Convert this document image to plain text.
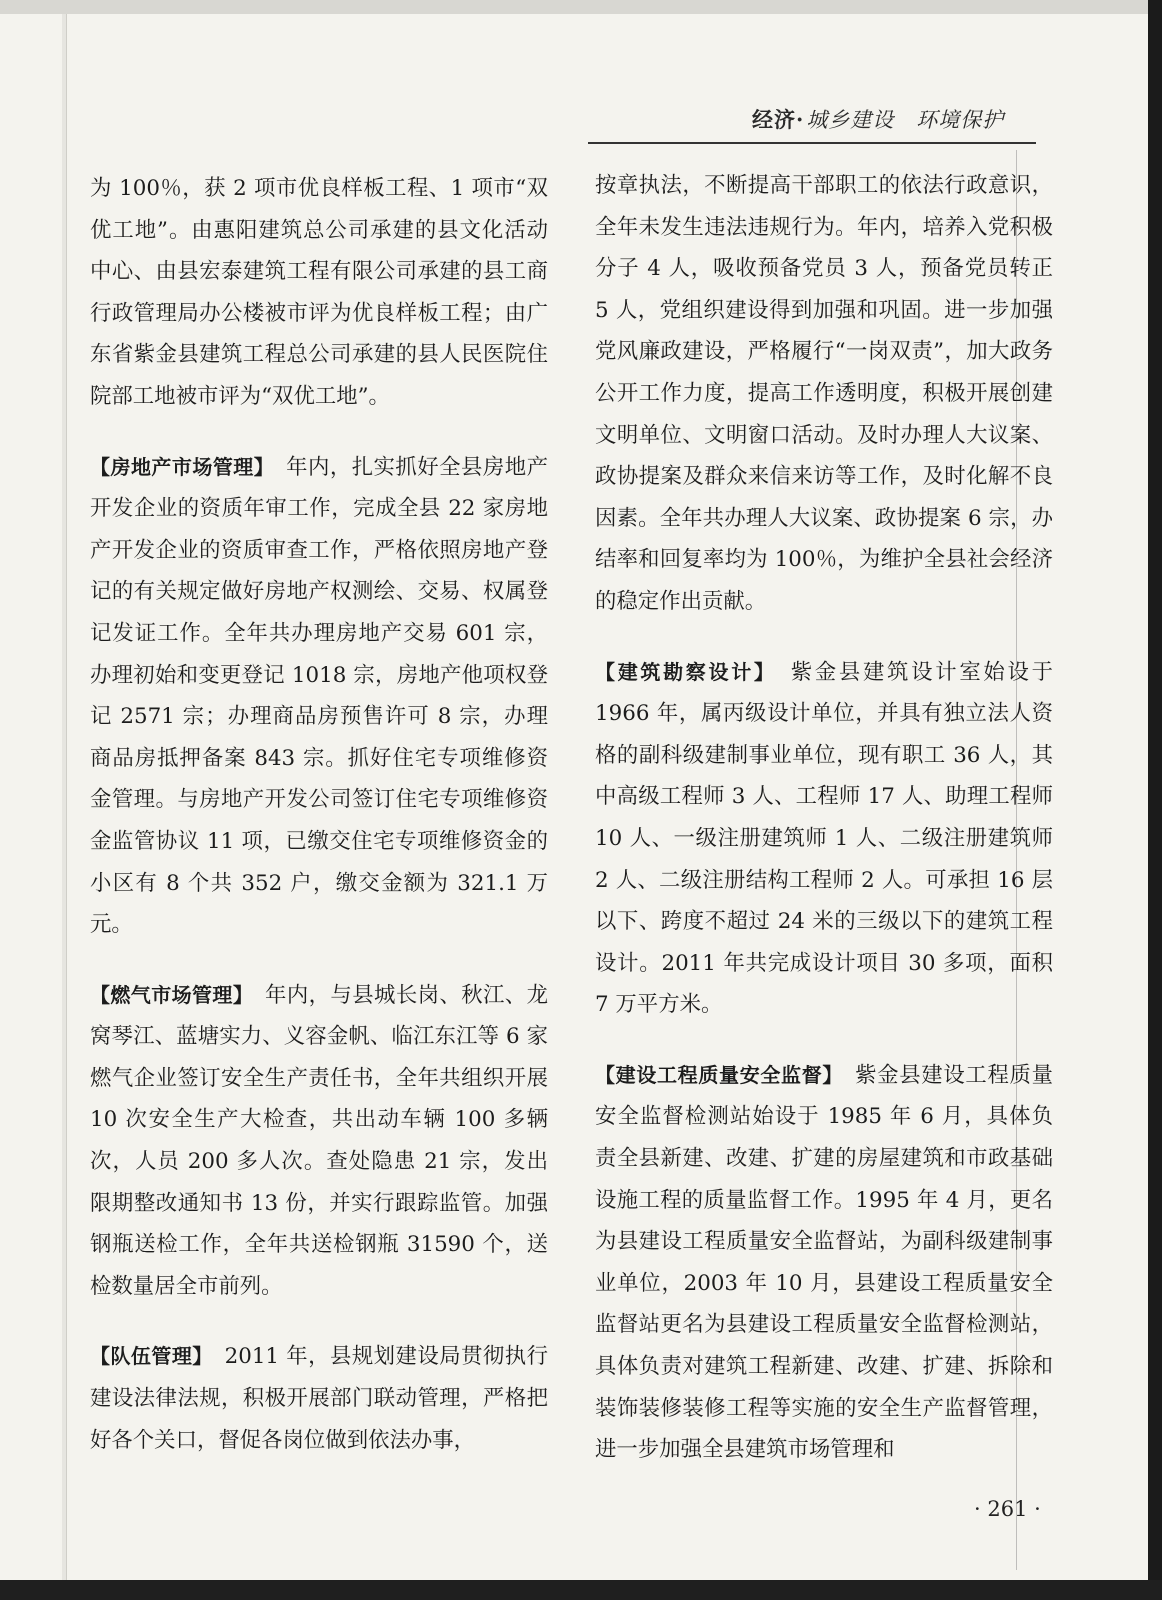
经济·城乡建设　环境保护

为 100％，获 2 项市优良样板工程、1 项市“双优工地”。由惠阳建筑总公司承建的县文化活动中心、由县宏泰建筑工程有限公司承建的县工商行政管理局办公楼被市评为优良样板工程；由广东省紫金县建筑工程总公司承建的县人民医院住院部工地被市评为“双优工地”。

【房地产市场管理】　年内，扎实抓好全县房地产开发企业的资质年审工作，完成全县 22 家房地产开发企业的资质审查工作，严格依照房地产登记的有关规定做好房地产权测绘、交易、权属登记发证工作。全年共办理房地产交易 601 宗，办理初始和变更登记 1018 宗，房地产他项权登记 2571 宗；办理商品房预售许可 8 宗，办理商品房抵押备案 843 宗。抓好住宅专项维修资金管理。与房地产开发公司签订住宅专项维修资金监管协议 11 项，已缴交住宅专项维修资金的小区有 8 个共 352 户，缴交金额为 321.1 万元。

【燃气市场管理】　年内，与县城长岗、秋江、龙窝琴江、蓝塘实力、义容金帆、临江东江等 6 家燃气企业签订安全生产责任书，全年共组织开展 10 次安全生产大检查，共出动车辆 100 多辆次，人员 200 多人次。查处隐患 21 宗，发出限期整改通知书 13 份，并实行跟踪监管。加强钢瓶送检工作，全年共送检钢瓶 31590 个，送检数量居全市前列。

【队伍管理】　2011 年，县规划建设局贯彻执行建设法律法规，积极开展部门联动管理，严格把好各个关口，督促各岗位做到依法办事，

按章执法，不断提高干部职工的依法行政意识，全年未发生违法违规行为。年内，培养入党积极分子 4 人，吸收预备党员 3 人，预备党员转正 5 人，党组织建设得到加强和巩固。进一步加强党风廉政建设，严格履行“一岗双责”，加大政务公开工作力度，提高工作透明度，积极开展创建文明单位、文明窗口活动。及时办理人大议案、政协提案及群众来信来访等工作，及时化解不良因素。全年共办理人大议案、政协提案 6 宗，办结率和回复率均为 100％，为维护全县社会经济的稳定作出贡献。

【建筑勘察设计】　紫金县建筑设计室始设于 1966 年，属丙级设计单位，并具有独立法人资格的副科级建制事业单位，现有职工 36 人，其中高级工程师 3 人、工程师 17 人、助理工程师 10 人、一级注册建筑师 1 人、二级注册建筑师 2 人、二级注册结构工程师 2 人。可承担 16 层以下、跨度不超过 24 米的三级以下的建筑工程设计。2011 年共完成设计项目 30 多项，面积 7 万平方米。

【建设工程质量安全监督】　紫金县建设工程质量安全监督检测站始设于 1985 年 6 月，具体负责全县新建、改建、扩建的房屋建筑和市政基础设施工程的质量监督工作。1995 年 4 月，更名为县建设工程质量安全监督站，为副科级建制事业单位，2003 年 10 月，县建设工程质量安全监督站更名为县建设工程质量安全监督检测站，具体负责对建筑工程新建、改建、扩建、拆除和装饰装修装修工程等实施的安全生产监督管理，进一步加强全县建筑市场管理和

· 261 ·
